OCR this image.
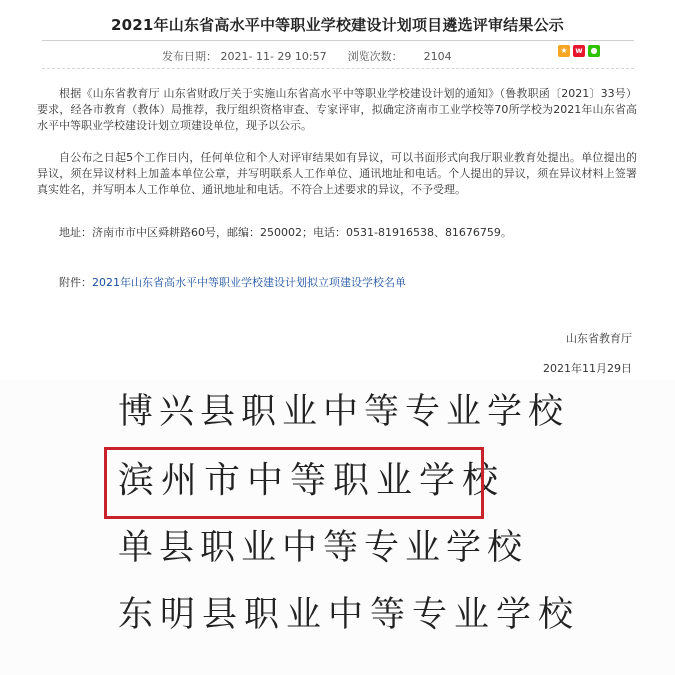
2021年山东省高水平中等职业学校建设计划项目遴选评审结果公示
发布日期： 2021- 11- 29 10:57 浏览次数： 2104	★ w ●
根据《山东省教育厅 山东省财政厅关于实施山东省高水平中等职业学校建设计划的通知》（鲁教职函〔2021〕33号）要求，经各市教育（教体）局推荐，我厅组织资格审查、专家评审，拟确定济南市工业学校等70所学校为2021年山东省高水平中等职业学校建设计划立项建设单位，现予以公示。
自公布之日起5个工作日内，任何单位和个人对评审结果如有异议，可以书面形式向我厅职业教育处提出。单位提出的异议，须在异议材料上加盖本单位公章，并写明联系人工作单位、通讯地址和电话。个人提出的异议，须在异议材料上签署真实姓名，并写明本人工作单位、通讯地址和电话。不符合上述要求的异议，不予受理。
地址：济南市市中区舜耕路60号，邮编：250002；电话：0531-81916538、81676759。
附件：2021年山东省高水平中等职业学校建设计划拟立项建设学校名单
山东省教育厅
2021年11月29日
博兴县职业中等专业学校
滨州市中等职业学校
单县职业中等专业学校
东明县职业中等专业学校
